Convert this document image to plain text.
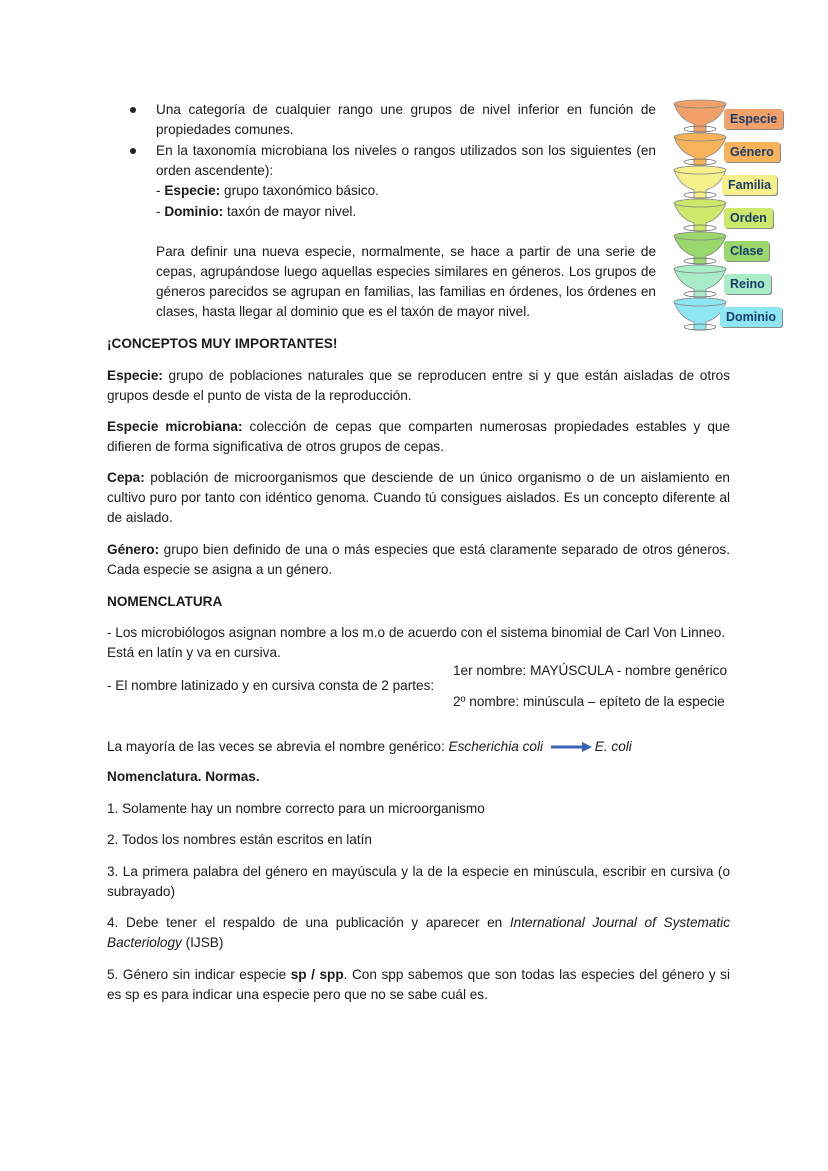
Una categoría de cualquier rango une grupos de nivel inferior en función de propiedades comunes.
En la taxonomía microbiana los niveles o rangos utilizados son los siguientes (en orden ascendente):
- Especie: grupo taxonómico básico.
- Dominio: taxón de mayor nivel.
Para definir una nueva especie, normalmente, se hace a partir de una serie de cepas, agrupándose luego aquellas especies similares en géneros. Los grupos de géneros parecidos se agrupan en familias, las familias en órdenes, los órdenes en clases, hasta llegar al dominio que es el taxón de mayor nivel.
Especie
Género
Familia
Orden
Clase
Reino
Dominio
¡CONCEPTOS MUY IMPORTANTES!
Especie: grupo de poblaciones naturales que se reproducen entre si y que están aisladas de otros grupos desde el punto de vista de la reproducción.
Especie microbiana: colección de cepas que comparten numerosas propiedades estables y que difieren de forma significativa de otros grupos de cepas.
Cepa: población de microorganismos que desciende de un único organismo o de un aislamiento en cultivo puro por tanto con idéntico genoma. Cuando tú consigues aislados. Es un concepto diferente al de aislado.
Género: grupo bien definido de una o más especies que está claramente separado de otros géneros. Cada especie se asigna a un género.
NOMENCLATURA
- Los microbiólogos asignan nombre a los m.o de acuerdo con el sistema binomial de Carl Von Linneo. Está en latín y va en cursiva.
- El nombre latinizado y en cursiva consta de 2 partes:
1er nombre: MAYÚSCULA - nombre genérico
2º nombre: minúscula – epíteto de la especie
La mayoría de las veces se abrevia el nombre genérico: Escherichia coli	E. coli
Nomenclatura. Normas.
1. Solamente hay un nombre correcto para un microorganismo
2. Todos los nombres están escritos en latín
3. La primera palabra del género en mayúscula y la de la especie en minúscula, escribir en cursiva (o subrayado)
4. Debe tener el respaldo de una publicación y aparecer en International Journal of Systematic Bacteriology (IJSB)
5. Género sin indicar especie sp / spp. Con spp sabemos que son todas las especies del género y si es sp es para indicar una especie pero que no se sabe cuál es.
